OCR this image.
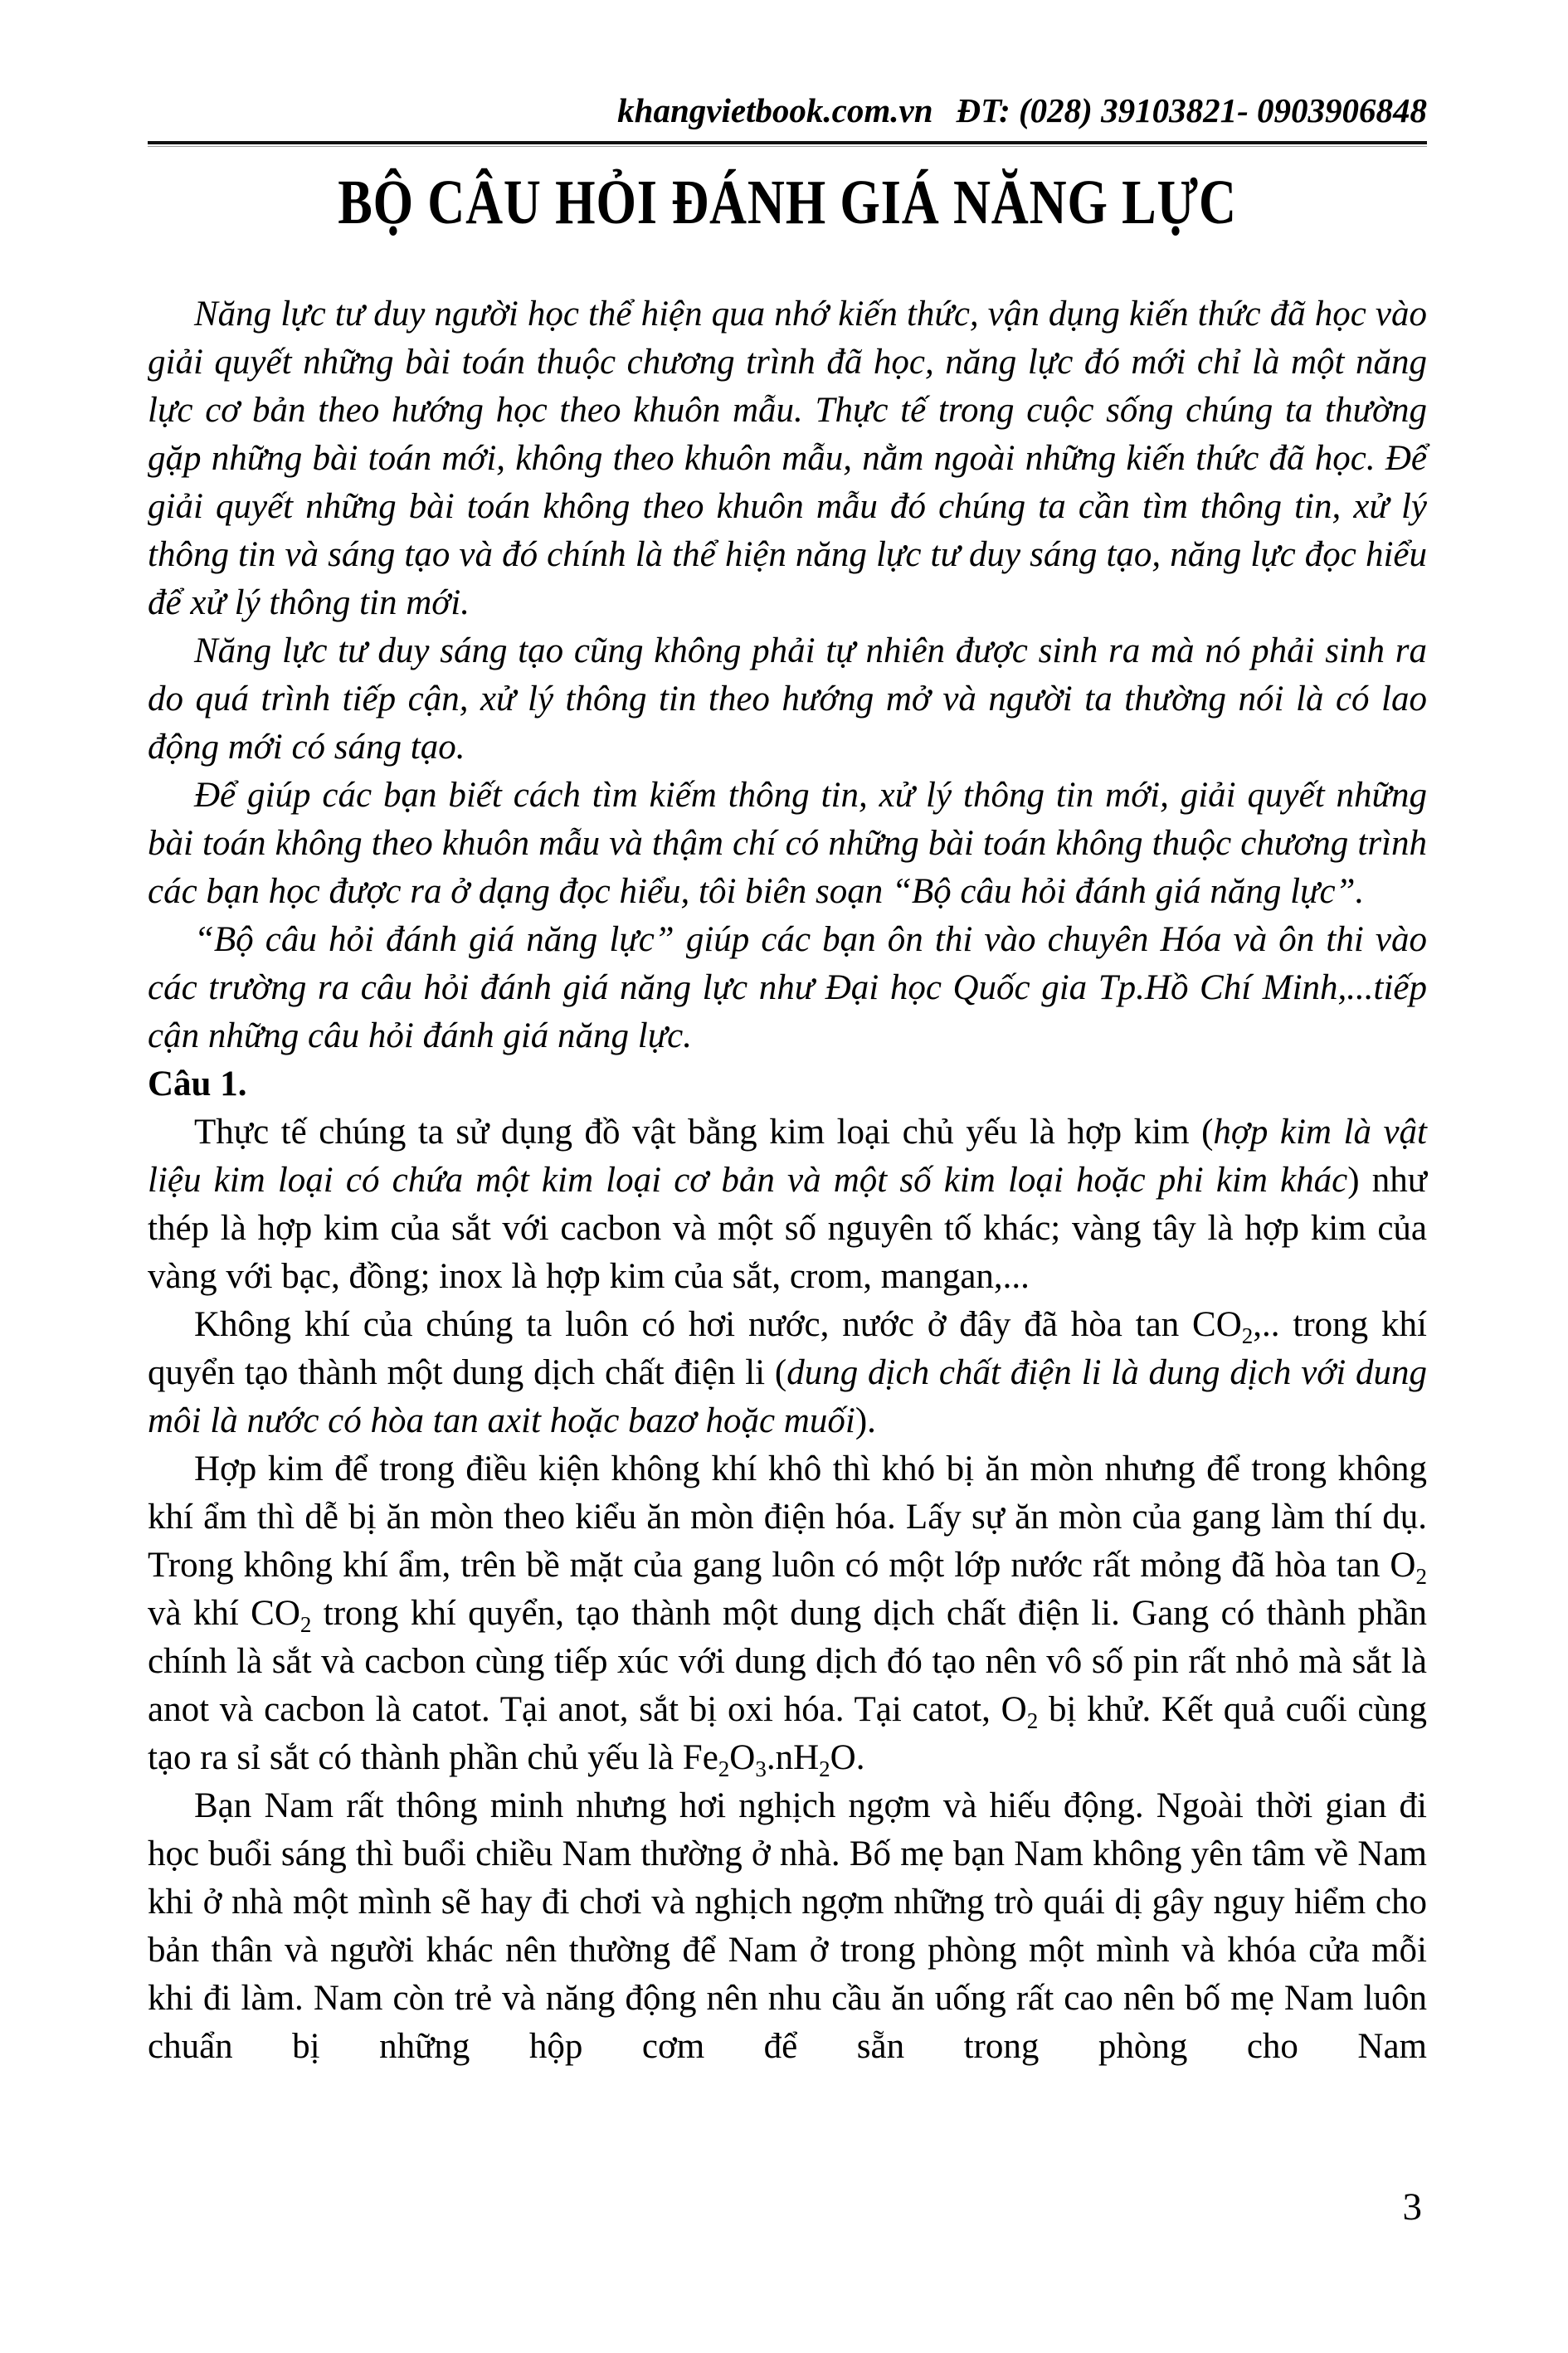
khangvietbook.com.vn ĐT: (028) 39103821- 0903906848
BỘ CÂU HỎI ĐÁNH GIÁ NĂNG LỰC

Năng lực tư duy người học thể hiện qua nhớ kiến thức, vận dụng kiến thức đã học vào giải quyết những bài toán thuộc chương trình đã học, năng lực đó mới chỉ là một năng lực cơ bản theo hướng học theo khuôn mẫu. Thực tế trong cuộc sống chúng ta thường gặp những bài toán mới, không theo khuôn mẫu, nằm ngoài những kiến thức đã học. Để giải quyết những bài toán không theo khuôn mẫu đó chúng ta cần tìm thông tin, xử lý thông tin và sáng tạo và đó chính là thể hiện năng lực tư duy sáng tạo, năng lực đọc hiểu để xử lý thông tin mới.

Năng lực tư duy sáng tạo cũng không phải tự nhiên được sinh ra mà nó phải sinh ra do quá trình tiếp cận, xử lý thông tin theo hướng mở và người ta thường nói là có lao động mới có sáng tạo.

Để giúp các bạn biết cách tìm kiếm thông tin, xử lý thông tin mới, giải quyết những bài toán không theo khuôn mẫu và thậm chí có những bài toán không thuộc chương trình các bạn học được ra ở dạng đọc hiểu, tôi biên soạn “Bộ câu hỏi đánh giá năng lực”.

“Bộ câu hỏi đánh giá năng lực” giúp các bạn ôn thi vào chuyên Hóa và ôn thi vào các trường ra câu hỏi đánh giá năng lực như Đại học Quốc gia Tp.Hồ Chí Minh,...tiếp cận những câu hỏi đánh giá năng lực.

Câu 1.

Thực tế chúng ta sử dụng đồ vật bằng kim loại chủ yếu là hợp kim (hợp kim là vật liệu kim loại có chứa một kim loại cơ bản và một số kim loại hoặc phi kim khác) như thép là hợp kim của sắt với cacbon và một số nguyên tố khác; vàng tây là hợp kim của vàng với bạc, đồng; inox là hợp kim của sắt, crom, mangan,...

Không khí của chúng ta luôn có hơi nước, nước ở đây đã hòa $\tan CO_2$,.. trong khí quyển tạo thành một dung dịch chất điện li (dung dịch chất điện li là dung dịch với dung môi là nước có hòa tan axit hoặc bazơ hoặc muối).

Hợp kim để trong điều kiện không khí khô thì khó bị ăn mòn nhưng để trong không khí ẩm thì dễ bị ăn mòn theo kiểu ăn mòn điện hóa. Lấy sự ăn mòn của gang làm thí dụ. Trong không khí ẩm, trên bề mặt của gang luôn có một lớp nước rất mỏng đã hòa $\tan O_2$ và khí $CO_2$ trong khí quyển, tạo thành một dung dịch chất điện li. Gang có thành phần chính là sắt và cacbon cùng tiếp xúc với dung dịch đó tạo nên vô số pin rất nhỏ mà sắt là anot và cacbon là catot. Tại anot, sắt bị oxi hóa. Tại catot, $O_2$ bị khử. Kết quả cuối cùng tạo ra sỉ sắt có thành phần chủ yếu là $Fe_2O_3.nH_2O$.

Bạn Nam rất thông minh nhưng hơi nghịch ngợm và hiếu động. Ngoài thời gian đi học buổi sáng thì buổi chiều Nam thường ở nhà. Bố mẹ bạn Nam không yên tâm về Nam khi ở nhà một mình sẽ hay đi chơi và nghịch ngợm những trò quái dị gây nguy hiểm cho bản thân và người khác nên thường để Nam ở trong phòng một mình và khóa cửa mỗi khi đi làm. Nam còn trẻ và năng động nên nhu cầu ăn uống rất cao nên bố mẹ Nam luôn chuẩn bị những hộp cơm để sẵn trong phòng cho Nam

3
